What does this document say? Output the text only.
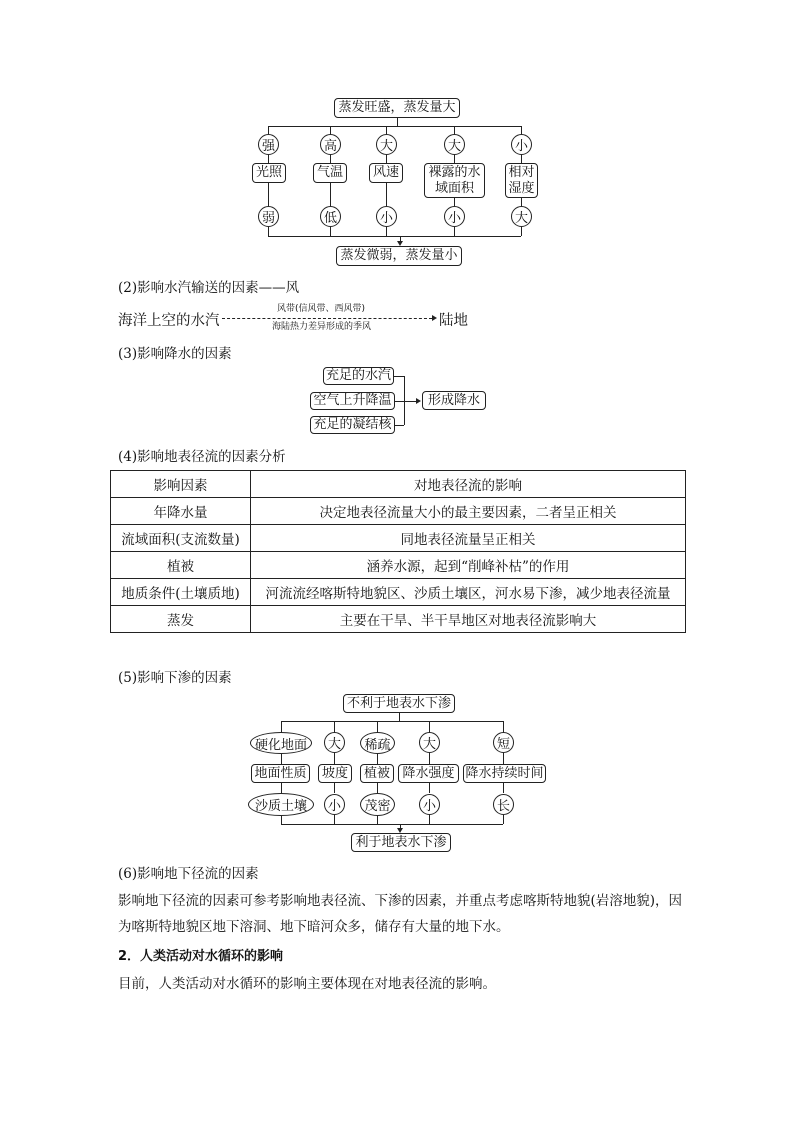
蒸发旺盛，蒸发量大
强	高	大	大	小
光照	气温	风速	裸露的水
域面积
相对
湿度
弱	低	小	小	大
蒸发微弱，蒸发量小
(2)影响水汽输送的因素——风
海洋上空的水汽
风带(信风带、西风带)
海陆热力差异形成的季风	陆地
(3)影响降水的因素
充足的水汽
空气上升降温
充足的凝结核
形成降水
(4)影响地表径流的因素分析
影响因素	对地表径流的影响
年降水量	决定地表径流量大小的最主要因素，二者呈正相关
流域面积(支流数量)	同地表径流量呈正相关
植被	涵养水源，起到“削峰补枯”的作用
地质条件(土壤质地)	河流流经喀斯特地貌区、沙质土壤区，河水易下渗，减少地表径流量
蒸发	主要在干旱、半干旱地区对地表径流影响大
(5)影响下渗的因素
不利于地表水下渗
硬化地面	大	稀疏	大	短
地面性质	坡度	植被 降水强度 降水持续时间
沙质土壤	小	茂密	小	长
利于地表水下渗
(6)影响地下径流的因素
影响地下径流的因素可参考影响地表径流、下渗的因素，并重点考虑喀斯特地貌(岩溶地貌)，因为喀斯特地貌区地下溶洞、地下暗河众多，储存有大量的地下水。
2．人类活动对水循环的影响
目前，人类活动对水循环的影响主要体现在对地表径流的影响。
